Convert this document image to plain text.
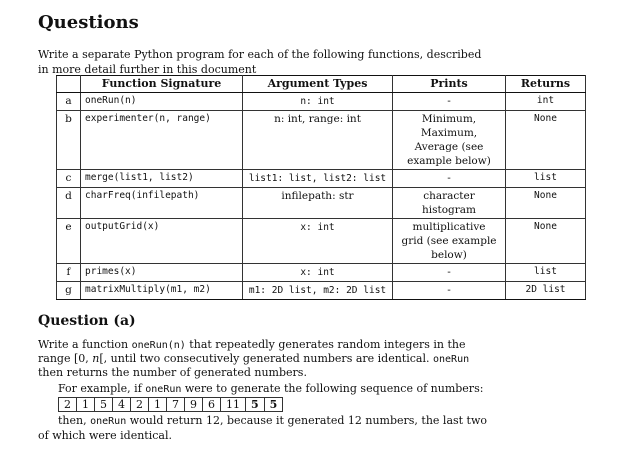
Questions
Write a separate Python program for each of the following functions, described
in more detail further in this document
	Function Signature	Argument Types	Prints	Returns
a	oneRun(n)	n: int	-	int
b	experimenter(n, range)	n: int, range: int	Minimum,
Maximum,
Average (see
example below)	None
c	merge(list1, list2)	list1: list, list2: list	-	list
d	charFreq(infilepath)	infilepath: str	character
histogram	None
e	outputGrid(x)	x: int	multiplicative
grid (see example
below)	None
f	primes(x)	x: int	-	list
g	matrixMultiply(m1, m2)	m1: 2D list, m2: 2D list	-	2D list
Question (a)
Write a function oneRun(n) that repeatedly generates random integers in the
range [0, n[, until two consecutively generated numbers are identical. oneRun
then returns the number of generated numbers.
For example, if oneRun were to generate the following sequence of numbers:
2	1	5	4	2	1	7	9	6	11	5	5
then, oneRun would return 12, because it generated 12 numbers, the last two
of which were identical.
